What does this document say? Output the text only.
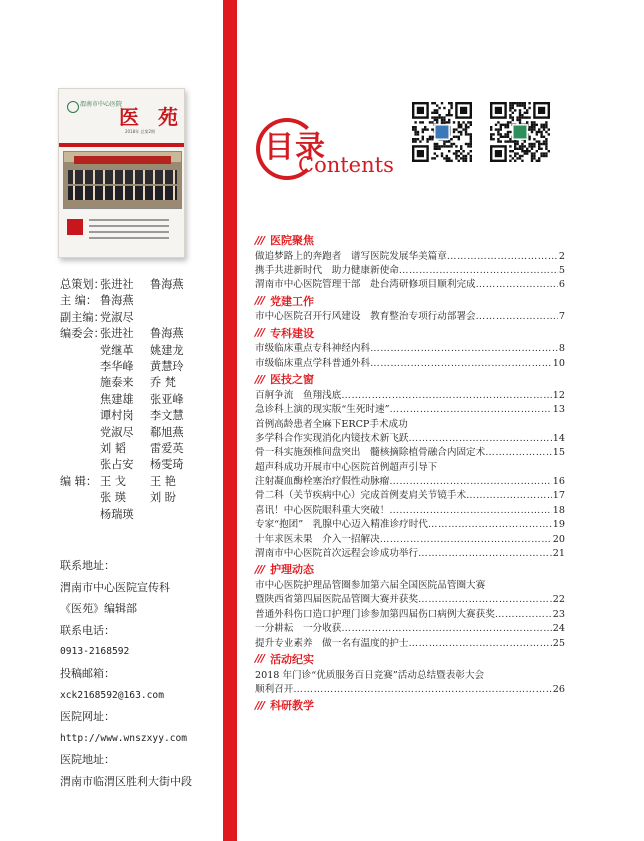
渭南市中心医院
医 苑
2018年 总第2期
总策划：
张进社	鲁海燕
主 编： 鲁海燕
副主编：
党淑尽
编委会：
张进社	鲁海燕
党继革	姚建龙
李华峰	黄慧玲
施泰来	乔 梵
焦建雄	张亚峰
谭村岗	李文慧
党淑尽	郗旭燕
刘 韬	雷爱英
张占安	杨雯琦
编 辑： 王 戈	王 艳
张 瑛	刘 盼
杨瑞瑛
联系地址：
渭南市中心医院宣传科
《医苑》编辑部
联系电话：
0913-2168592
投稿邮箱：
xck2168592@163.com
医院网址：
http://www.wnszxyy.com
医院地址：
渭南市临渭区胜利大街中段
目录
Contents
/// 医院聚焦
做追梦路上的奔跑者　谱写医院发展华美篇章 …………………………………………………………………………………………………………	2
携手共进新时代　助力健康新使命 …………………………………………………………………………………………………………	5
渭南市中心医院管理干部　赴台湾研修项目顺利完成 …………………………………………………………………………………………………………	6
/// 党建工作
市中心医院召开行风建设　教育整治专项行动部署会 …………………………………………………………………………………………………………	7
/// 专科建设
市级临床重点专科神经内科 …………………………………………………………………………………………………………	8
市级临床重点学科普通外科 …………………………………………………………………………………………………………	10
/// 医技之窗
百舸争流　鱼翔浅底 …………………………………………………………………………………………………………	12
急诊科上演的现实版“生死时速” …………………………………………………………………………………………………………	13
首例高龄患者全麻下ERCP手术成功
多学科合作实现消化内镜技术新飞跃 …………………………………………………………………………………………………………	14
骨一科实施颈椎间盘突出　髓核摘除植骨融合内固定术 …………………………………………………………………………………………………………	15
超声科成功开展市中心医院首例超声引导下
注射凝血酶栓塞治疗假性动脉瘤 …………………………………………………………………………………………………………	16
骨二科（关节疾病中心）完成首例麦肩关节镜手术 …………………………………………………………………………………………………………	17
喜讯！中心医院眼科重大突破！ …………………………………………………………………………………………………………	18
专家“抱团”　乳腺中心迈入精准诊疗时代 …………………………………………………………………………………………………………	19
十年求医未果　介入一招解决 …………………………………………………………………………………………………………	20
渭南市中心医院首次远程会诊成功举行 …………………………………………………………………………………………………………	21
/// 护理动态
市中心医院护理品管圈参加第六届全国医院品管圈大赛
暨陕西省第四届医院品管圈大赛并获奖 …………………………………………………………………………………………………………	22
普通外科伤口造口护理门诊参加第四届伤口病例大赛获奖 …………………………………………………………………………………………………………	23
一分耕耘　一分收获 …………………………………………………………………………………………………………	24
提升专业素养　做一名有温度的护士 …………………………………………………………………………………………………………	25
/// 活动纪实
2018 年门诊“优质服务百日竞赛”活动总结暨表彰大会
顺利召开 …………………………………………………………………………………………………………	26
/// 科研教学
